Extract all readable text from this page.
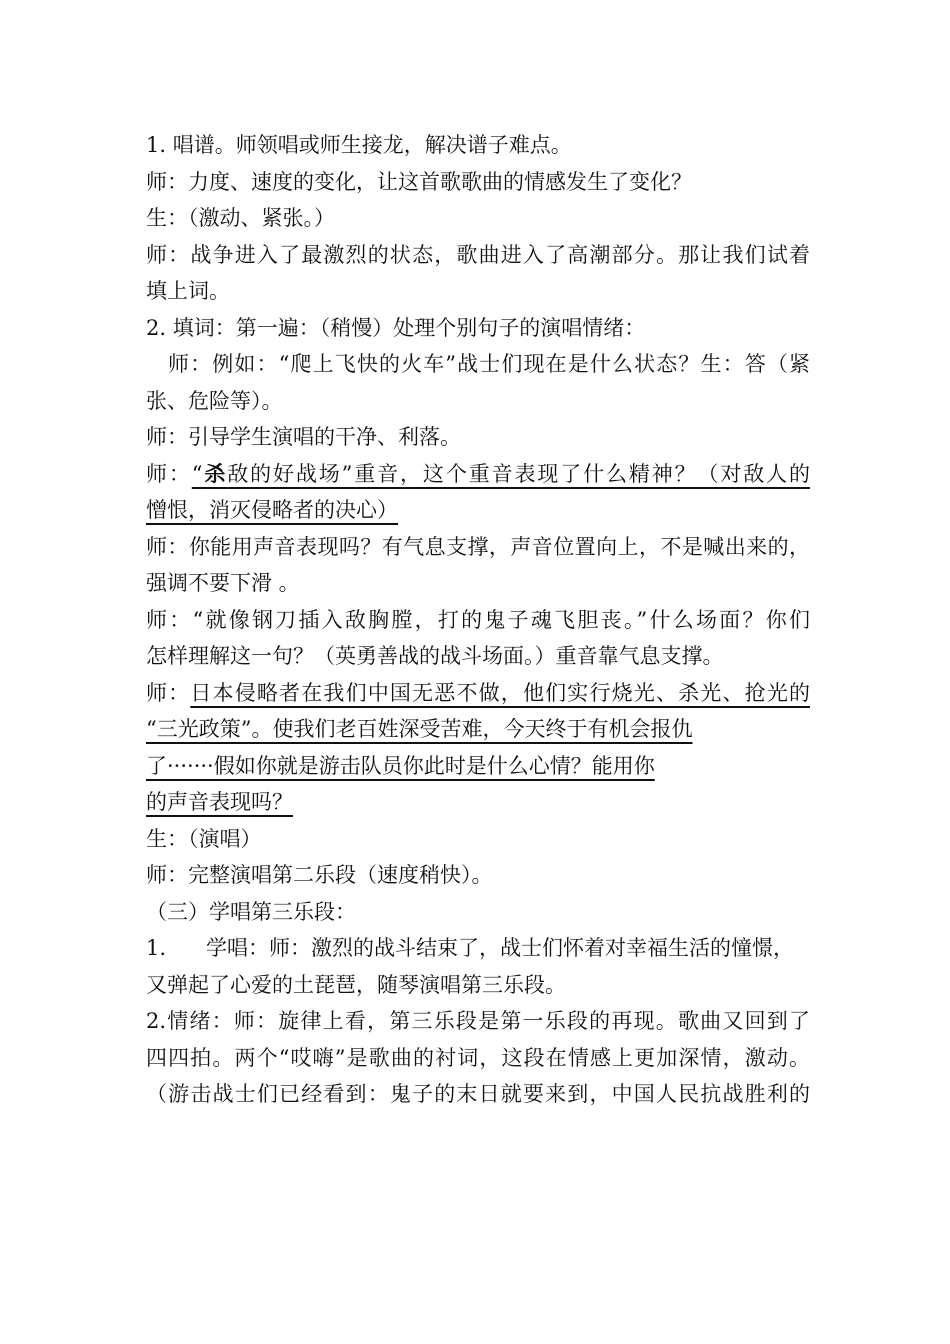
1. 唱谱。师领唱或师生接龙，解决谱子难点。
师：力度、速度的变化，让这首歌歌曲的情感发生了变化？
生：（激动、紧张。）
师：战争进入了最激烈的状态，歌曲进入了高潮部分。那让我们试着
填上词。
2. 填词：第一遍：（稍慢）处理个别句子的演唱情绪：
师：例如：“爬上飞快的火车”战士们现在是什么状态？生：答（紧
张、危险等）。
师：引导学生演唱的干净、利落。
师：“杀敌的好战场”重音，这个重音表现了什么精神？（对敌人的
憎恨，消灭侵略者的决心）
师：你能用声音表现吗？有气息支撑，声音位置向上，不是喊出来的，
强调不要下滑 。
师：“就像钢刀插入敌胸膛，打的鬼子魂飞胆丧。”什么场面？你们
怎样理解这一句？（英勇善战的战斗场面。）重音靠气息支撑。
师：日本侵略者在我们中国无恶不做，他们实行烧光、杀光、抢光的
“三光政策”。使我们老百姓深受苦难，今天终于有机会报仇
了·······假如你就是游击队员你此时是什么心情？能用你
的声音表现吗？
生：（演唱）
师：完整演唱第二乐段（速度稍快）。
（三）学唱第三乐段：
1. 学唱：师：激烈的战斗结束了，战士们怀着对幸福生活的憧憬，
又弹起了心爱的土琵琶，随琴演唱第三乐段。
2.情绪：师：旋律上看，第三乐段是第一乐段的再现。歌曲又回到了
四四拍。两个“哎嗨”是歌曲的衬词，这段在情感上更加深情，激动。
（游击战士们已经看到：鬼子的末日就要来到，中国人民抗战胜利的
